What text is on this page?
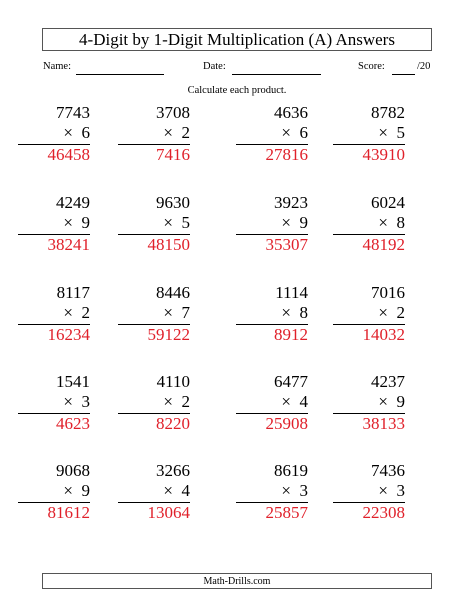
4-Digit by 1-Digit Multiplication (A) Answers
Name:	Date:	Score:	/20
Calculate each product.
7743
× 6
46458
3708
× 2
7416
4636
× 6
27816
8782
× 5
43910
4249
× 9
38241
9630
× 5
48150
3923
× 9
35307
6024
× 8
48192
8117
× 2
16234
8446
× 7
59122
1114
× 8
8912
7016
× 2
14032
1541
× 3
4623
4110
× 2
8220
6477
× 4
25908
4237
× 9
38133
9068
× 9
81612
3266
× 4
13064
8619
× 3
25857
7436
× 3
22308
Math-Drills.com
